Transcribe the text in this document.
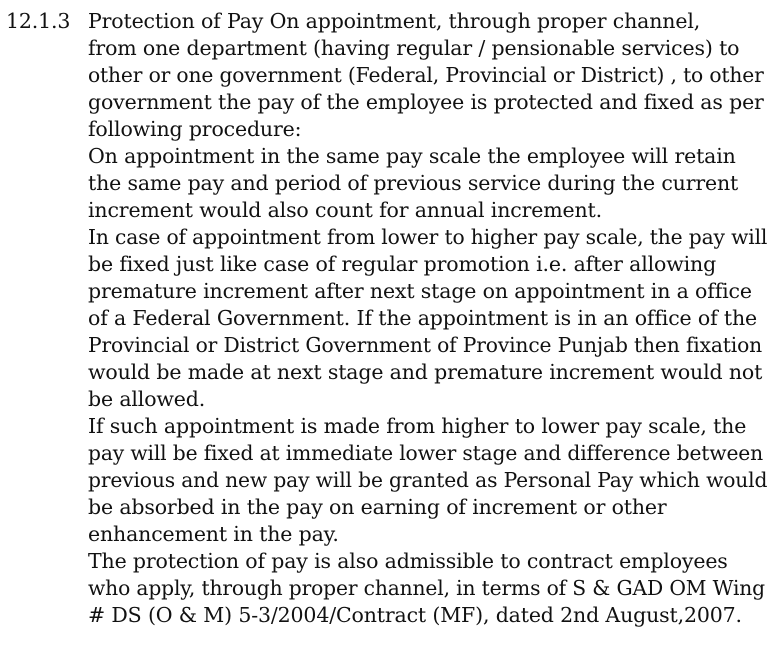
12.1.3 Protection of Pay On appointment, through proper channel,
from one department (having regular / pensionable services) to
other or one government (Federal, Provincial or District) , to other
government the pay of the employee is protected and fixed as per
following procedure:
On appointment in the same pay scale the employee will retain
the same pay and period of previous service during the current
increment would also count for annual increment.
In case of appointment from lower to higher pay scale, the pay will
be fixed just like case of regular promotion i.e. after allowing
premature increment after next stage on appointment in a office
of a Federal Government. If the appointment is in an office of the
Provincial or District Government of Province Punjab then fixation
would be made at next stage and premature increment would not
be allowed.
If such appointment is made from higher to lower pay scale, the
pay will be fixed at immediate lower stage and difference between
previous and new pay will be granted as Personal Pay which would
be absorbed in the pay on earning of increment or other
enhancement in the pay.
The protection of pay is also admissible to contract employees
who apply, through proper channel, in terms of S & GAD OM Wing
# DS (O & M) 5-3/2004/Contract (MF), dated 2nd August,2007.
